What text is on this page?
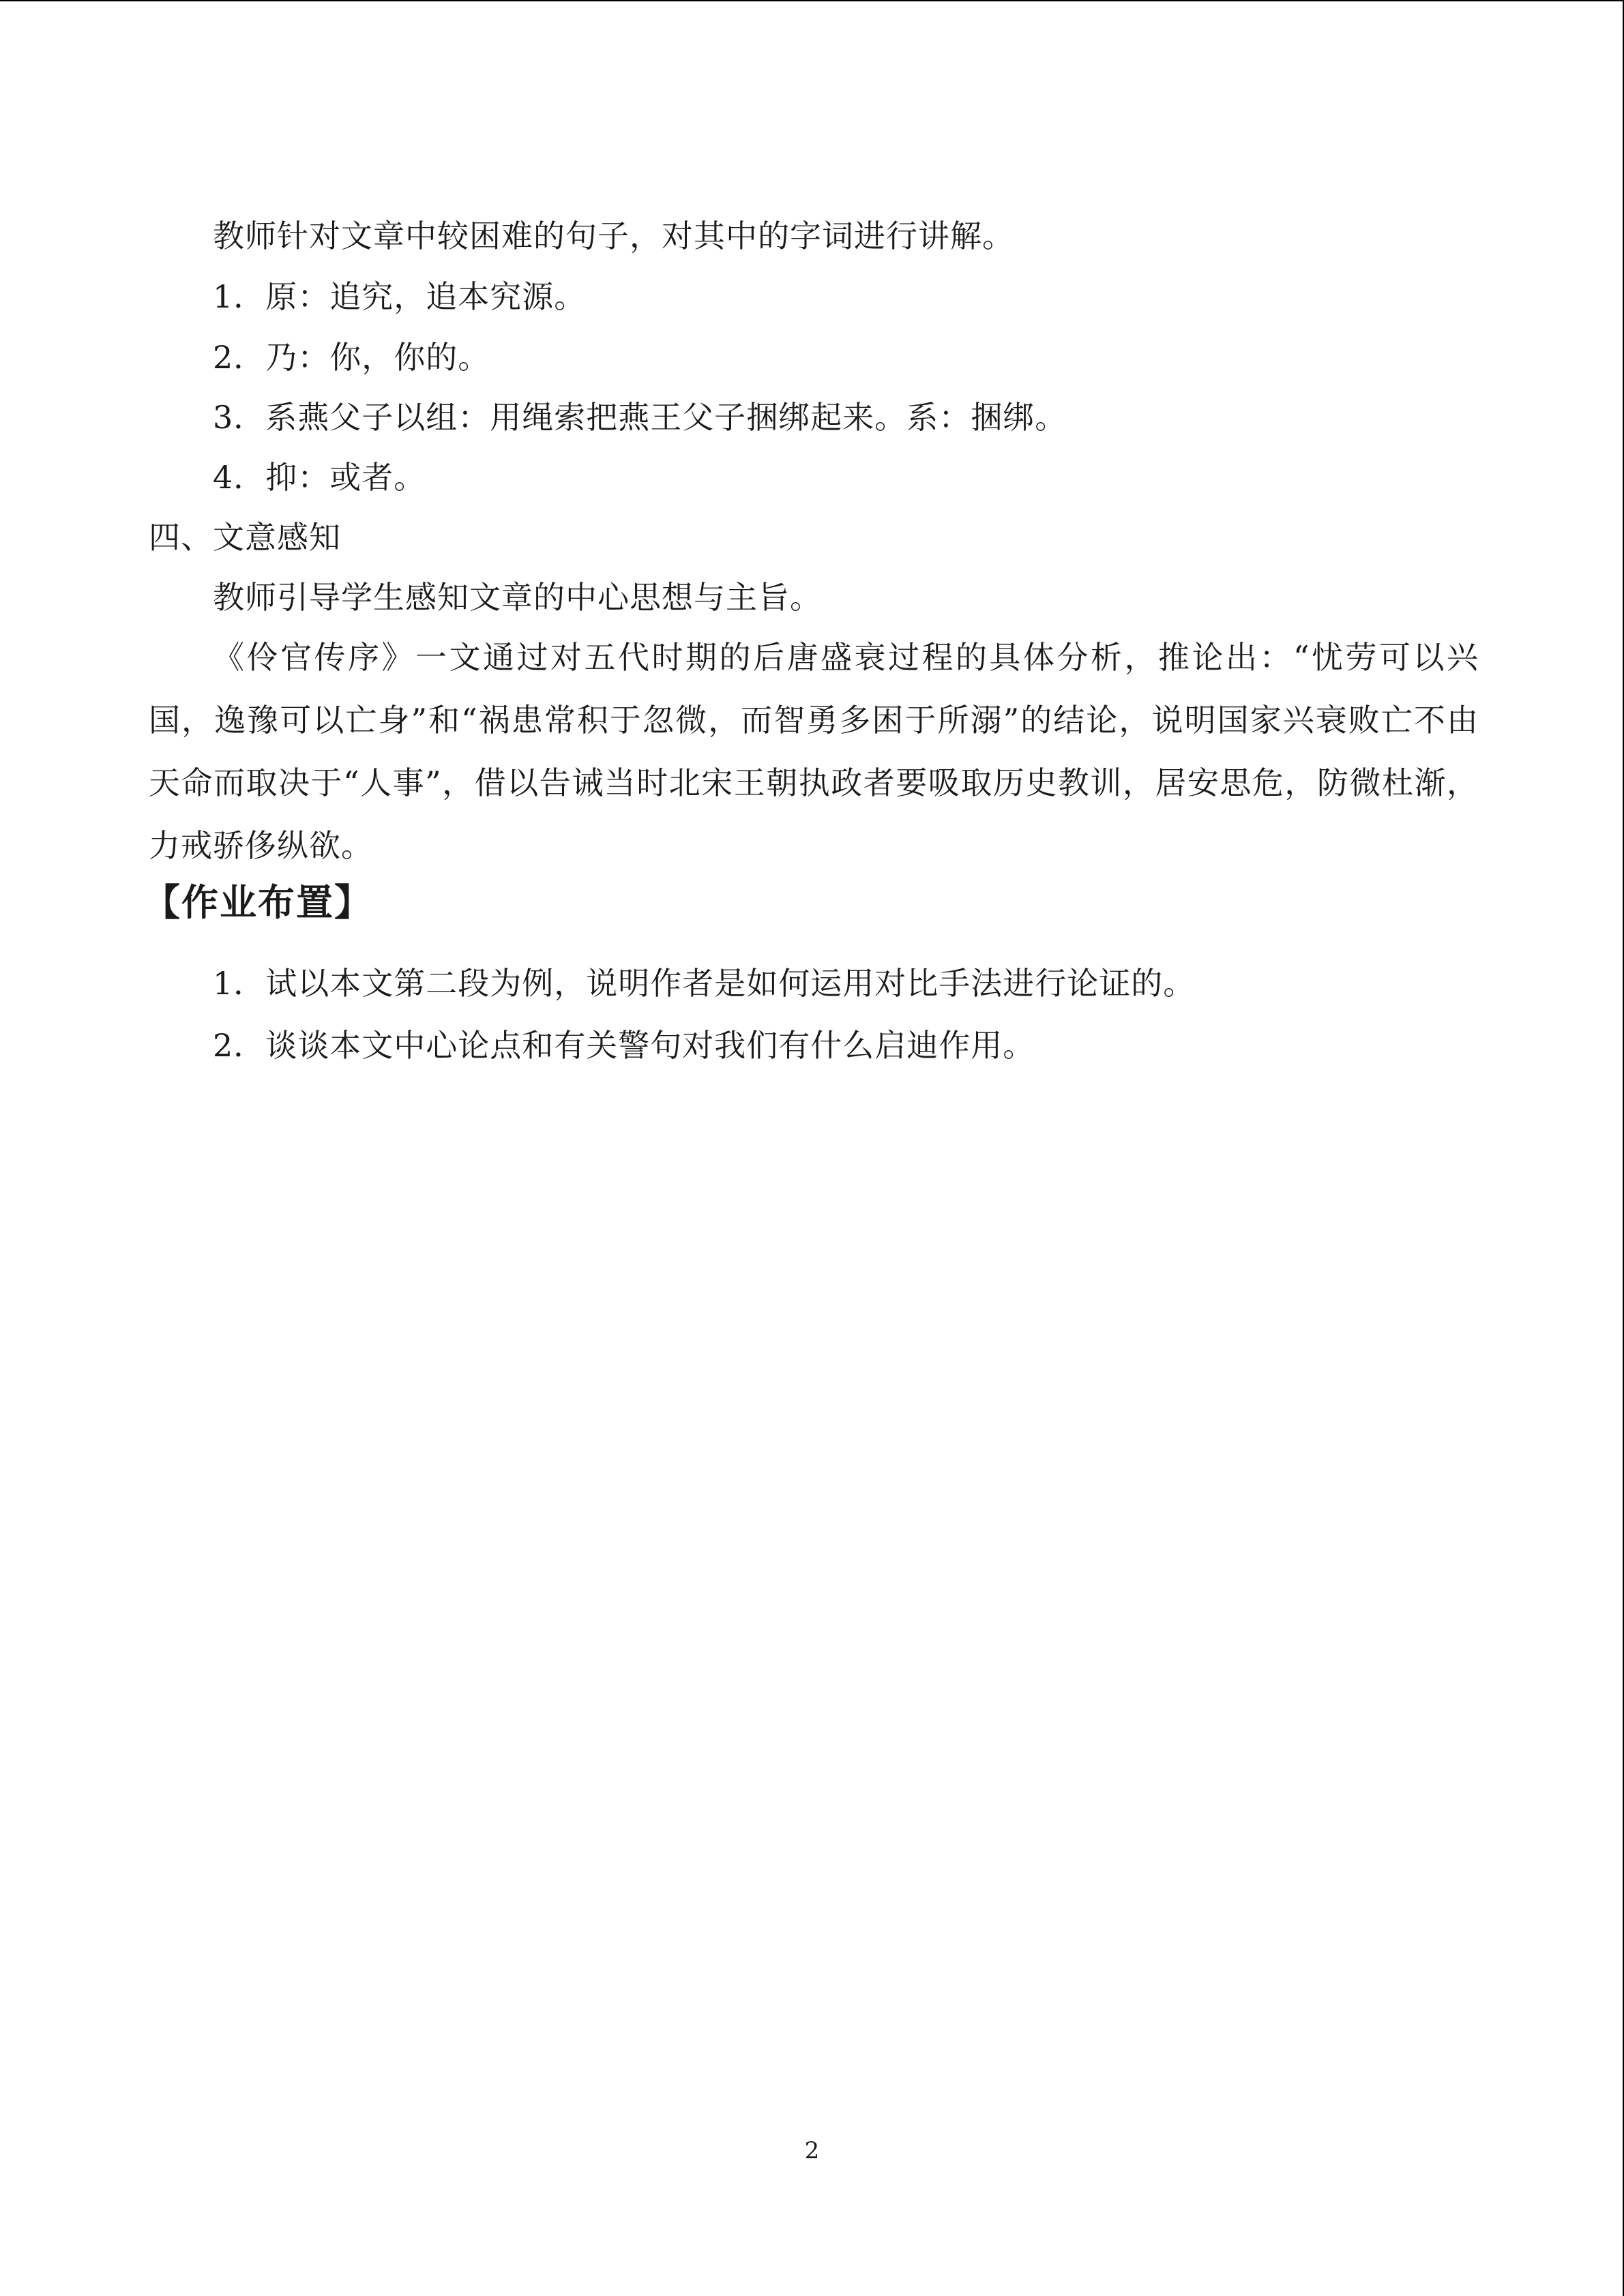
教师针对文章中较困难的句子，对其中的字词进行讲解。
1．原：追究，追本究源。
2．乃：你，你的。
3．系燕父子以组：用绳索把燕王父子捆绑起来。系：捆绑。
4．抑：或者。
四、文意感知
教师引导学生感知文章的中心思想与主旨。
《伶官传序》一文通过对五代时期的后唐盛衰过程的具体分析，推论出：“忧劳可以兴国，逸豫可以亡身”和“祸患常积于忽微，而智勇多困于所溺”的结论，说明国家兴衰败亡不由天命而取决于“人事”，借以告诫当时北宋王朝执政者要吸取历史教训，居安思危，防微杜渐，力戒骄侈纵欲。
【作业布置】
1．试以本文第二段为例，说明作者是如何运用对比手法进行论证的。
2．谈谈本文中心论点和有关警句对我们有什么启迪作用。
2
